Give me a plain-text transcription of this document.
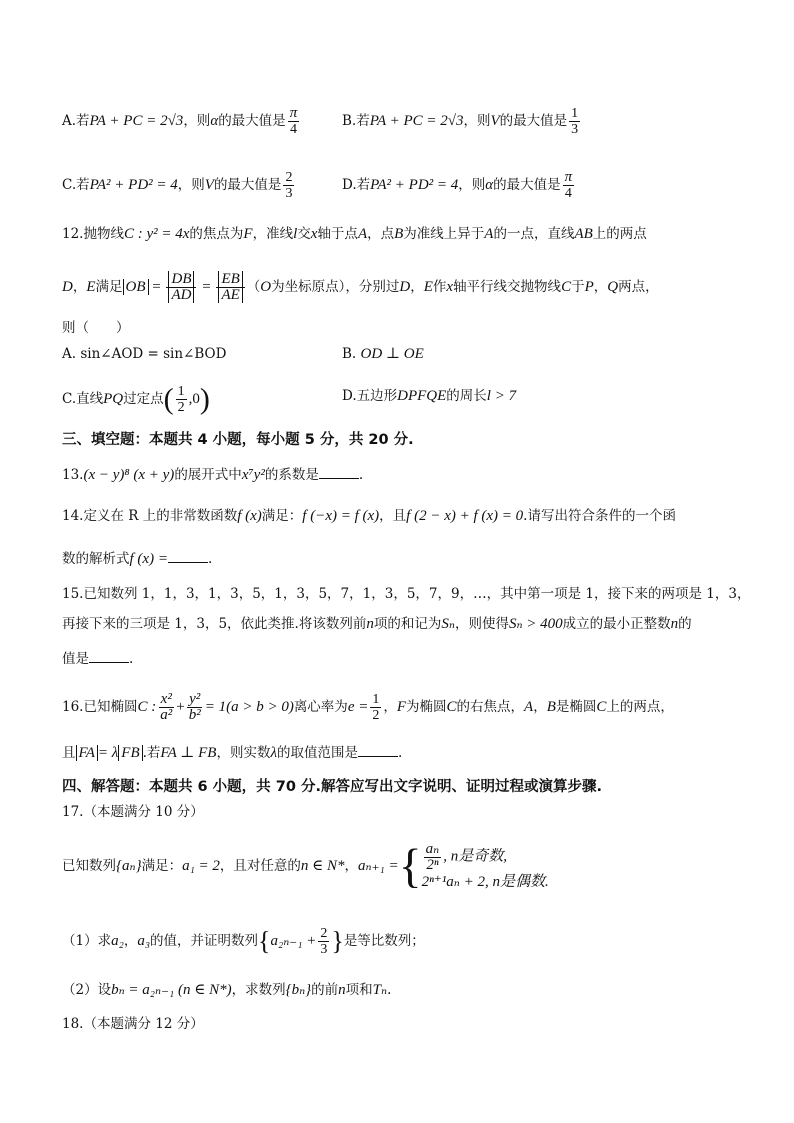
A.若PA + PC = 2√3，则α的最大值是 $\frac{\pi}{4}$	B.若PA + PC = 2√3，则V的最大值是 $\frac{1}{3}$
C.若PA² + PD² = 4，则V的最大值是 $\frac{2}{3}$	D.若PA² + PD² = 4，则α的最大值是 $\frac{\pi}{4}$
12.抛物线C : y² = 4x的焦点为F，准线l交x轴于点A，点B为准线上异于A的一点，直线AB上的两点
D，E满足 OB = $\frac{DB}{AD} = \frac{EB}{AE} (O$为坐标原点），分别过D，E作x轴平行线交抛物线C于P，Q两点，
则（　　）
A. sin∠AOD = sin∠BOD	B. OD ⊥ OE
C.直线PQ过定点( $\frac{1}{2} ,0$)	D.五边形DPFQE的周长l > 7
三、填空题：本题共 4 小题，每小题 5 分，共 20 分.
13.(x − y)⁸ (x + y)的展开式中x⁷y²的系数是	.
14.定义在 R 上的非常数函数f (x)满足：f (−x) = f (x)，且f (2 − x) + f (x) = 0.请写出符合条件的一个函
数的解析式f (x) =	.
15.已知数列 1，1，3，1，3，5，1，3，5，7，1，3，5，7，9，…，其中第一项是 1，接下来的两项是 1，3，
再接下来的三项是 1，3，5，依此类推.将该数列前n项的和记为Sₙ，则使得Sₙ > 400成立的最小正整数n的
值是	.
16.已知椭圆C : $\frac{\text{x²}}{\text{a²}} + \frac{\text{y²}}{\text{b²}} = 1(a > b > 0)$离心率为$e = \frac{1}{2}$ ，F为椭圆C的右焦点，A，B是椭圆C上的两点，
且 FA = λ FB .若FA ⊥ FB，则实数λ的取值范围是	.
四、解答题：本题共 6 小题，共 70 分.解答应写出文字说明、证明过程或演算步骤.
17.（本题满分 10 分）
已知数列{aₙ}满足：a₁ = 2，且对任意的n ∈ N*，aₙ₊₁ ={ $\frac{\text{aₙ}}{\text{2ⁿ}}$ , n是奇数,
2ⁿ⁺¹aₙ + 2, n是偶数.
（1）求a₂，a₃的值，并证明数列{$a_{2n-1} + \frac{2}{3}$ }是等比数列；
（2）设bₙ = a₂ₙ₋₁ (n ∈ N*)，求数列{bₙ}的前n项和Tₙ.
18.（本题满分 12 分）
